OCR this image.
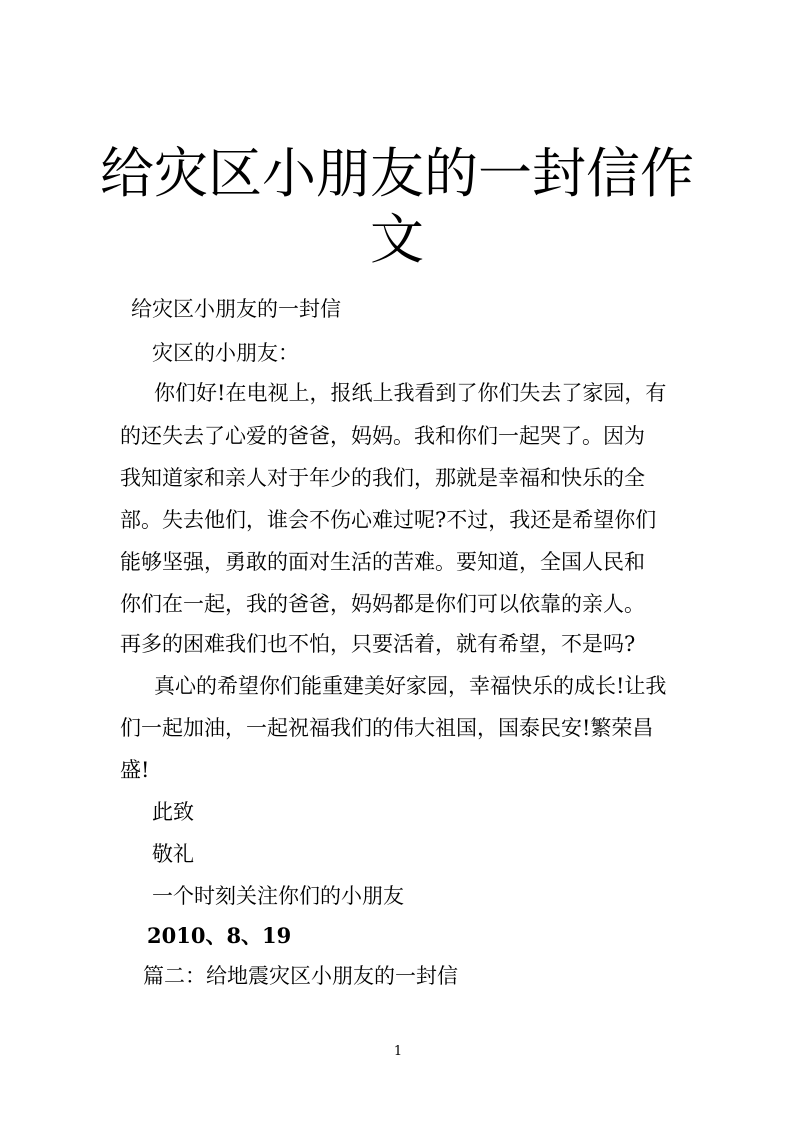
给灾区小朋友的一封信作
文

给灾区小朋友的一封信

灾区的小朋友：

你们好!在电视上，报纸上我看到了你们失去了家园，有

的还失去了心爱的爸爸，妈妈。我和你们一起哭了。因为

我知道家和亲人对于年少的我们，那就是幸福和快乐的全

部。失去他们，谁会不伤心难过呢?不过，我还是希望你们

能够坚强，勇敢的面对生活的苦难。要知道，全国人民和

你们在一起，我的爸爸，妈妈都是你们可以依靠的亲人。

再多的困难我们也不怕，只要活着，就有希望，不是吗?

真心的希望你们能重建美好家园，幸福快乐的成长!让我

们一起加油，一起祝福我们的伟大祖国，国泰民安!繁荣昌

盛!

此致

敬礼

一个时刻关注你们的小朋友

2010、8、19

篇二：给地震灾区小朋友的一封信

1
